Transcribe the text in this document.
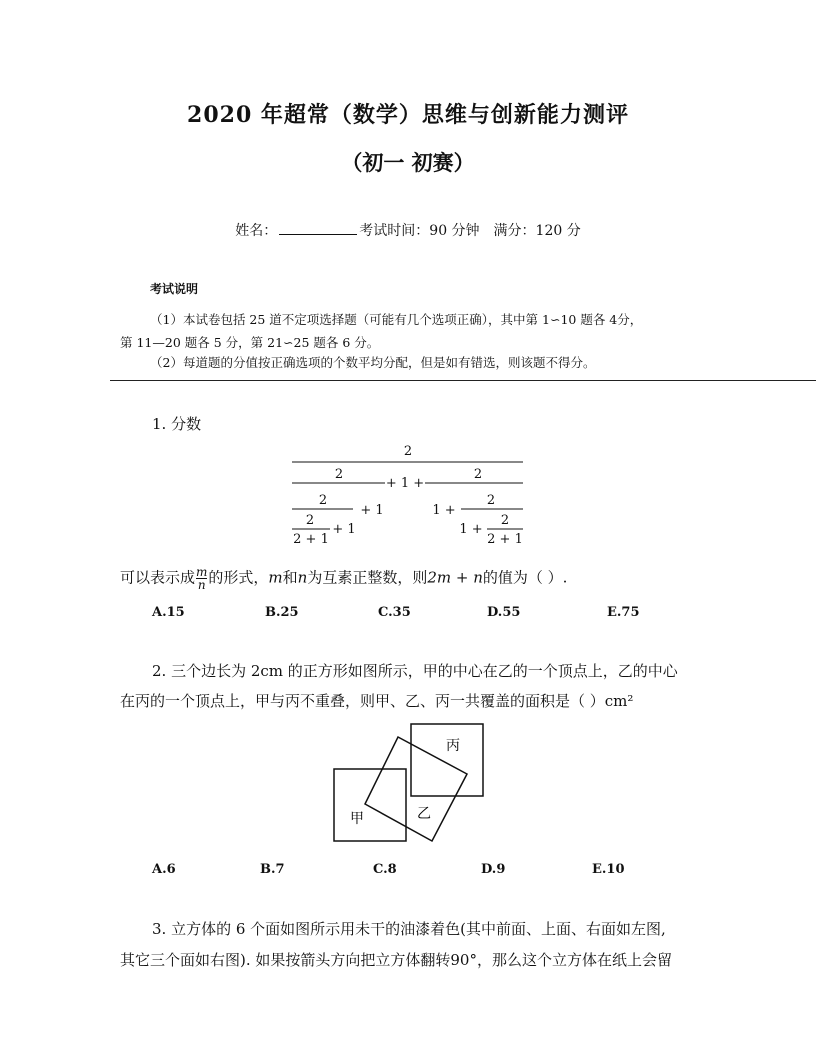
2020 年超常（数学）思维与创新能力测评
（初一 初赛）
姓名：	考试时间：90 分钟 满分：120 分
考试说明
（1）本试卷包括 25 道不定项选择题（可能有几个选项正确），其中第 1∽10 题各 4分，
第 11—20 题各 5 分，第 21∽25 题各 6 分。
（2）每道题的分值按正确选项的个数平均分配，但是如有错选，则该题不得分。
1. 分数
2
2
+ 1 +
2
2
+ 1
2
2 + 1
+ 1
1 +
2
1 +
2
2 + 1
可以表示成 $\frac{m}{n}$ 的形式，m和n为互素正整数，则2m + n的值为（ ）.
A.15	B.25	C.35	D.55	E.75
2. 三个边长为 2cm 的正方形如图所示，甲的中心在乙的一个顶点上，乙的中心
在丙的一个顶点上，甲与丙不重叠，则甲、乙、丙一共覆盖的面积是（ ）cm²
甲	乙
丙
A.6	B.7	C.8	D.9	E.10
3. 立方体的 6 个面如图所示用未干的油漆着色(其中前面、上面、右面如左图,
其它三个面如右图). 如果按箭头方向把立方体翻转90°，那么这个立方体在纸上会留
